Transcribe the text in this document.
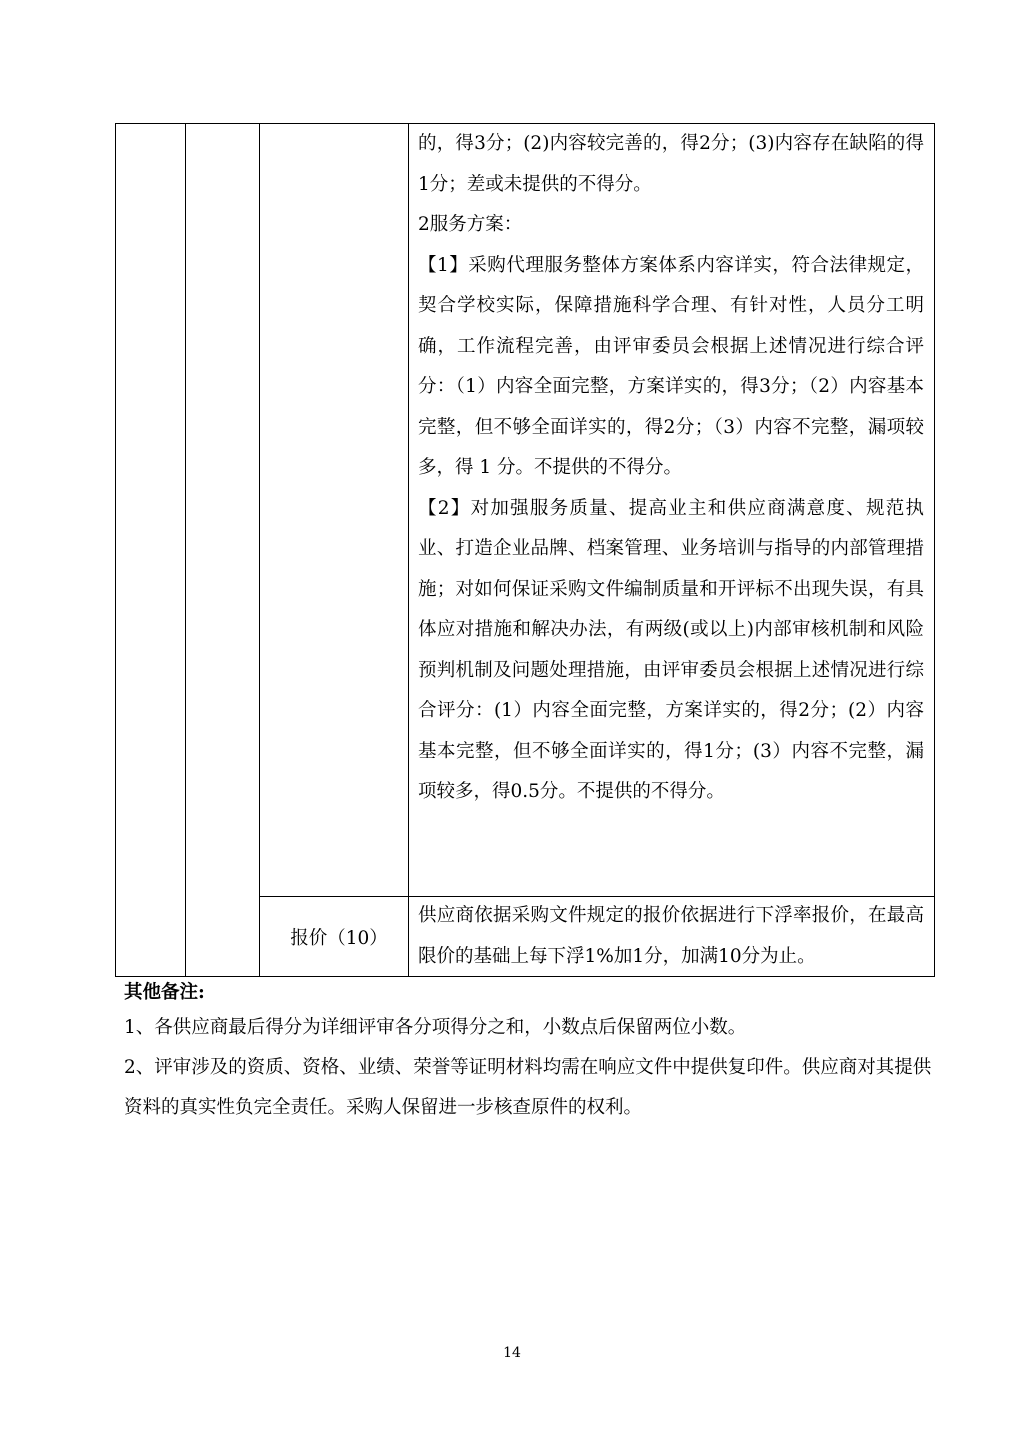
的，得3分；(2)内容较完善的，得2分；(3)内容存在缺陷的得1分；差或未提供的不得分。

2服务方案：

【1】采购代理服务整体方案体系内容详实，符合法律规定，契合学校实际，保障措施科学合理、有针对性，人员分工明确，工作流程完善，由评审委员会根据上述情况进行综合评分：（1）内容全面完整，方案详实的，得3分；（2）内容基本完整，但不够全面详实的，得2分；（3）内容不完整，漏项较多，得 1 分。不提供的不得分。

【2】对加强服务质量、提高业主和供应商满意度、规范执业、打造企业品牌、档案管理、业务培训与指导的内部管理措施；对如何保证采购文件编制质量和开评标不出现失误，有具体应对措施和解决办法，有两级(或以上)内部审核机制和风险预判机制及问题处理措施，由评审委员会根据上述情况进行综合评分：(1）内容全面完整，方案详实的，得2分；(2）内容基本完整，但不够全面详实的，得1分；(3）内容不完整，漏项较多，得0.5分。不提供的不得分。

报价（10）

供应商依据采购文件规定的报价依据进行下浮率报价，在最高限价的基础上每下浮1%加1分，加满10分为止。

其他备注:

1、各供应商最后得分为详细评审各分项得分之和，小数点后保留两位小数。

2、评审涉及的资质、资格、业绩、荣誉等证明材料均需在响应文件中提供复印件。供应商对其提供资料的真实性负完全责任。采购人保留进一步核查原件的权利。

14
